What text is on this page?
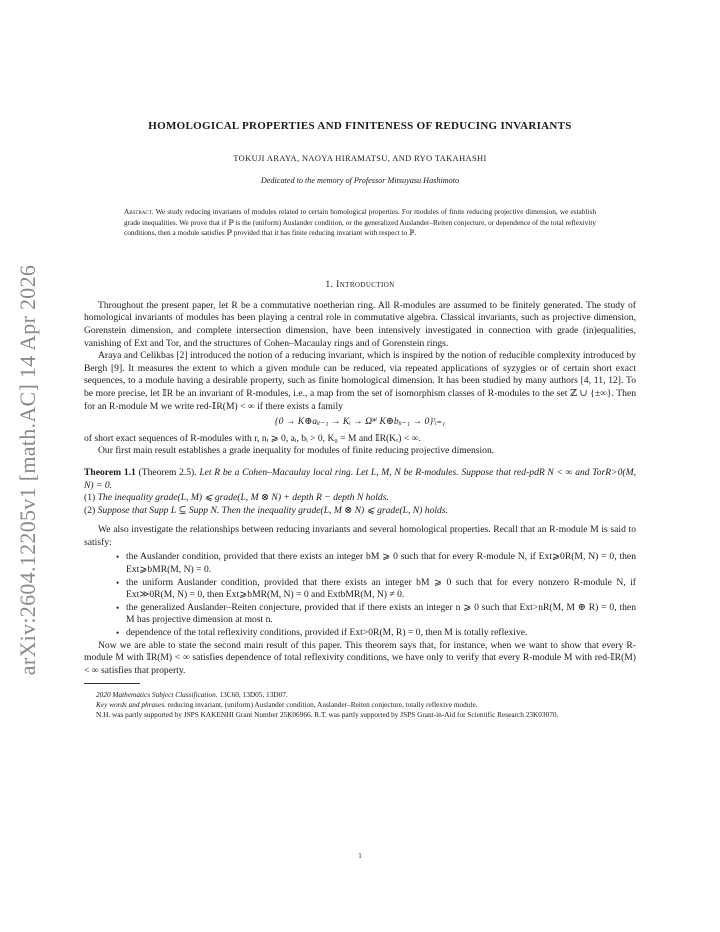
arXiv:2604.12205v1 [math.AC] 14 Apr 2026
HOMOLOGICAL PROPERTIES AND FINITENESS OF REDUCING INVARIANTS
TOKUJI ARAYA, NAOYA HIRAMATSU, AND RYO TAKAHASHI
Dedicated to the memory of Professor Mitsuyasu Hashimoto
Abstract. We study reducing invariants of modules related to certain homological properties. For modules of finite reducing projective dimension, we establish grade inequalities. We prove that if ℙ is the (uniform) Auslander condition, or the generalized Auslander–Reiten conjecture, or dependence of the total reflexivity conditions, then a module satisfies ℙ provided that it has finite reducing invariant with respect to ℙ.
1. Introduction

Throughout the present paper, let R be a commutative noetherian ring. All R-modules are assumed to be finitely generated. The study of homological invariants of modules has been playing a central role in commutative algebra. Classical invariants, such as projective dimension, Gorenstein dimension, and complete intersection dimension, have been intensively investigated in connection with grade (in)equalities, vanishing of Ext and Tor, and the structures of Cohen–Macaulay rings and of Gorenstein rings.

Araya and Celikbas [2] introduced the notion of a reducing invariant, which is inspired by the notion of reducible complexity introduced by Bergh [9]. It measures the extent to which a given module can be reduced, via repeated applications of syzygies or of certain short exact sequences, to a module having a desirable property, such as finite homological dimension. It has been studied by many authors [4, 11, 12]. To be more precise, let 𝕀R be an invariant of R-modules, i.e., a map from the set of isomorphism classes of R-modules to the set ℤ ∪ {±∞}. Then for an R-module M we write red-𝕀R(M) < ∞ if there exists a family

{0 → K⊕aᵢᵢ₋₁ → Kᵢ → Ωⁿⁱ K⊕bᵢᵢ₋₁ → 0}ʳᵢ₌₁

of short exact sequences of R-modules with r, nᵢ ⩾ 0, aᵢ, bᵢ > 0, K₀ = M and 𝕀R(Kᵣ) < ∞.

Our first main result establishes a grade inequality for modules of finite reducing projective dimension.

Theorem 1.1 (Theorem 2.5). Let R be a Cohen–Macaulay local ring. Let L, M, N be R-modules. Suppose that red-pdR N < ∞ and TorR>0(M, N) = 0.

(1) The inequality grade(L, M) ⩽ grade(L, M ⊗ N) + depth R − depth N holds.

(2) Suppose that Supp L ⊆ Supp N. Then the inequality grade(L, M ⊗ N) ⩽ grade(L, N) holds.

We also investigate the relationships between reducing invariants and several homological properties. Recall that an R-module M is said to satisfy:

• the Auslander condition, provided that there exists an integer bM ⩾ 0 such that for every R-module N, if Ext⩾0R(M, N) = 0, then Ext⩾bMR(M, N) = 0.
• the uniform Auslander condition, provided that there exists an integer bM ⩾ 0 such that for every nonzero R-module N, if Ext≫0R(M, N) = 0, then Ext⩾bMR(M, N) = 0 and ExtbMR(M, N) ≠ 0.
• the generalized Auslander–Reiten conjecture, provided that if there exists an integer n ⩾ 0 such that Ext>nR(M, M ⊕ R) = 0, then M has projective dimension at most n.
• dependence of the total reflexivity conditions, provided if Ext>0R(M, R) = 0, then M is totally reflexive.

Now we are able to state the second main result of this paper. This theorem says that, for instance, when we want to show that every R-module M with 𝕀R(M) < ∞ satisfies dependence of total reflexivity conditions, we have only to verify that every R-module M with red-𝕀R(M) < ∞ satisfies that property.

2020 Mathematics Subject Classification. 13C60, 13D05, 13D07.

Key words and phrases. reducing invariant, (uniform) Auslander condition, Auslander–Reiten conjecture, totally reflexive module.

N.H. was partly supported by JSPS KAKENHI Grant Number 25K06966. R.T. was partly supported by JSPS Grant-in-Aid for Scientific Research 23K03070.

1
